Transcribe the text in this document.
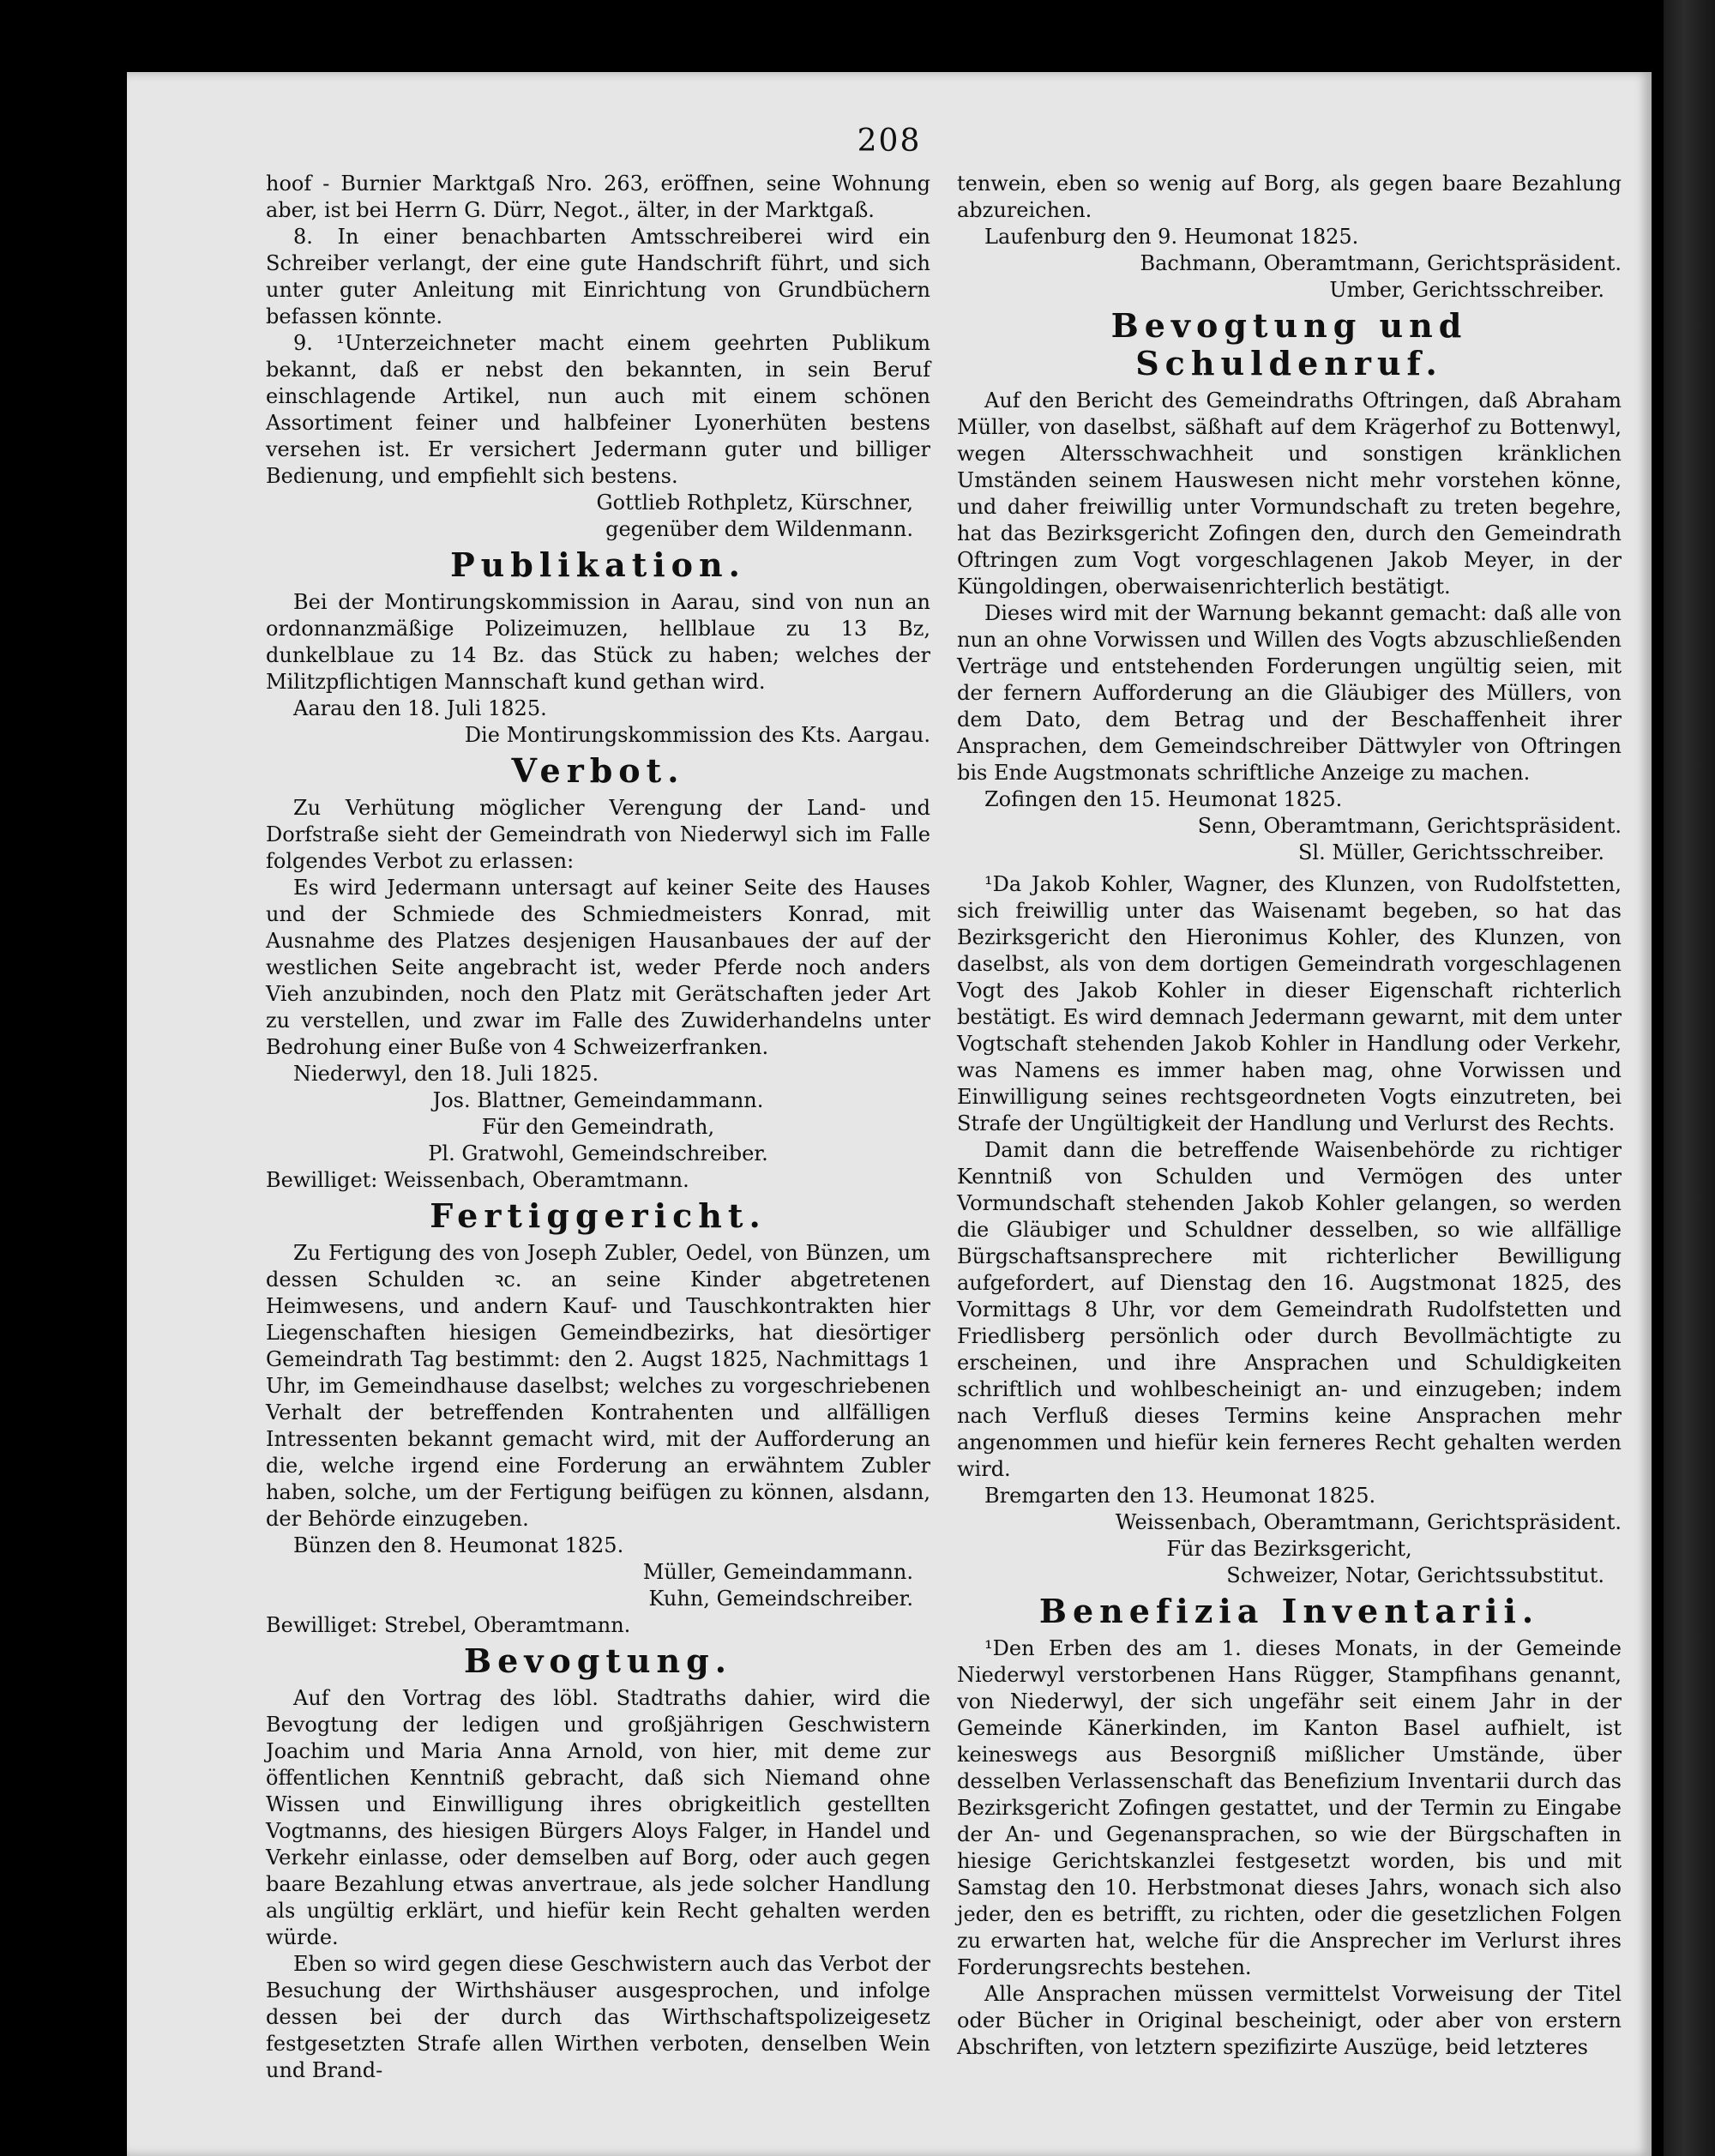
208

hoof - Burnier Marktgaß Nro. 263, eröffnen, seine Wohnung aber, ist bei Herrn G. Dürr, Negot., älter, in der Marktgaß.

8. In einer benachbarten Amtsschreiberei wird ein Schreiber verlangt, der eine gute Handschrift führt, und sich unter guter Anleitung mit Einrichtung von Grundbüchern befassen könnte.

9. ¹Unterzeichneter macht einem geehrten Publikum bekannt, daß er nebst den bekannten, in sein Beruf einschlagende Artikel, nun auch mit einem schönen Assortiment feiner und halbfeiner Lyonerhüten bestens versehen ist. Er versichert Jedermann guter und billiger Bedienung, und empfiehlt sich bestens.

Gottlieb Rothpletz, Kürschner,

gegenüber dem Wildenmann.

Publikation.

Bei der Montirungskommission in Aarau, sind von nun an ordonnanzmäßige Polizeimuzen, hellblaue zu 13 Bz, dunkelblaue zu 14 Bz. das Stück zu haben; welches der Militzpflichtigen Mannschaft kund gethan wird.

Aarau den 18. Juli 1825.

Die Montirungskommission des Kts. Aargau.

Verbot.

Zu Verhütung möglicher Verengung der Land- und Dorfstraße sieht der Gemeindrath von Niederwyl sich im Falle folgendes Verbot zu erlassen:

Es wird Jedermann untersagt auf keiner Seite des Hauses und der Schmiede des Schmiedmeisters Konrad, mit Ausnahme des Platzes desjenigen Hausanbaues der auf der westlichen Seite angebracht ist, weder Pferde noch anders Vieh anzubinden, noch den Platz mit Gerätschaften jeder Art zu verstellen, und zwar im Falle des Zuwiderhandelns unter Bedrohung einer Buße von 4 Schweizerfranken.

Niederwyl, den 18. Juli 1825.

Jos. Blattner, Gemeindammann.

Für den Gemeindrath,

Pl. Gratwohl, Gemeindschreiber.

Bewilliget: Weissenbach, Oberamtmann.

Fertiggericht.

Zu Fertigung des von Joseph Zubler, Oedel, von Bünzen, um dessen Schulden ꝛc. an seine Kinder abgetretenen Heimwesens, und andern Kauf- und Tauschkontrakten hier Liegenschaften hiesigen Gemeindbezirks, hat diesörtiger Gemeindrath Tag bestimmt: den 2. Augst 1825, Nachmittags 1 Uhr, im Gemeindhause daselbst; welches zu vorgeschriebenen Verhalt der betreffenden Kontrahenten und allfälligen Intressenten bekannt gemacht wird, mit der Aufforderung an die, welche irgend eine Forderung an erwähntem Zubler haben, solche, um der Fertigung beifügen zu können, alsdann, der Behörde einzugeben.

Bünzen den 8. Heumonat 1825.

Müller, Gemeindammann.

Kuhn, Gemeindschreiber.

Bewilliget: Strebel, Oberamtmann.

Bevogtung.

Auf den Vortrag des löbl. Stadtraths dahier, wird die Bevogtung der ledigen und großjährigen Geschwistern Joachim und Maria Anna Arnold, von hier, mit deme zur öffentlichen Kenntniß gebracht, daß sich Niemand ohne Wissen und Einwilligung ihres obrigkeitlich gestellten Vogtmanns, des hiesigen Bürgers Aloys Falger, in Handel und Verkehr einlasse, oder demselben auf Borg, oder auch gegen baare Bezahlung etwas anvertraue, als jede solcher Handlung als ungültig erklärt, und hiefür kein Recht gehalten werden würde.

Eben so wird gegen diese Geschwistern auch das Verbot der Besuchung der Wirthshäuser ausgesprochen, und infolge dessen bei der durch das Wirthschaftspolizeigesetz festgesetzten Strafe allen Wirthen verboten, denselben Wein und Brand-

tenwein, eben so wenig auf Borg, als gegen baare Bezahlung abzureichen.

Laufenburg den 9. Heumonat 1825.

Bachmann, Oberamtmann, Gerichtspräsident.

Umber, Gerichtsschreiber.

Bevogtung und Schuldenruf.

Auf den Bericht des Gemeindraths Oftringen, daß Abraham Müller, von daselbst, säßhaft auf dem Krägerhof zu Bottenwyl, wegen Altersschwachheit und sonstigen kränklichen Umständen seinem Hauswesen nicht mehr vorstehen könne, und daher freiwillig unter Vormundschaft zu treten begehre, hat das Bezirksgericht Zofingen den, durch den Gemeindrath Oftringen zum Vogt vorgeschlagenen Jakob Meyer, in der Küngoldingen, oberwaisenrichterlich bestätigt.

Dieses wird mit der Warnung bekannt gemacht: daß alle von nun an ohne Vorwissen und Willen des Vogts abzuschließenden Verträge und entstehenden Forderungen ungültig seien, mit der fernern Aufforderung an die Gläubiger des Müllers, von dem Dato, dem Betrag und der Beschaffenheit ihrer Ansprachen, dem Gemeindschreiber Dättwyler von Oftringen bis Ende Augstmonats schriftliche Anzeige zu machen.

Zofingen den 15. Heumonat 1825.

Senn, Oberamtmann, Gerichtspräsident.

Sl. Müller, Gerichtsschreiber.

¹Da Jakob Kohler, Wagner, des Klunzen, von Rudolfstetten, sich freiwillig unter das Waisenamt begeben, so hat das Bezirksgericht den Hieronimus Kohler, des Klunzen, von daselbst, als von dem dortigen Gemeindrath vorgeschlagenen Vogt des Jakob Kohler in dieser Eigenschaft richterlich bestätigt. Es wird demnach Jedermann gewarnt, mit dem unter Vogtschaft stehenden Jakob Kohler in Handlung oder Verkehr, was Namens es immer haben mag, ohne Vorwissen und Einwilligung seines rechtsgeordneten Vogts einzutreten, bei Strafe der Ungültigkeit der Handlung und Verlurst des Rechts.

Damit dann die betreffende Waisenbehörde zu richtiger Kenntniß von Schulden und Vermögen des unter Vormundschaft stehenden Jakob Kohler gelangen, so werden die Gläubiger und Schuldner desselben, so wie allfällige Bürgschaftsansprechere mit richterlicher Bewilligung aufgefordert, auf Dienstag den 16. Augstmonat 1825, des Vormittags 8 Uhr, vor dem Gemeindrath Rudolfstetten und Friedlisberg persönlich oder durch Bevollmächtigte zu erscheinen, und ihre Ansprachen und Schuldigkeiten schriftlich und wohlbescheinigt an- und einzugeben; indem nach Verfluß dieses Termins keine Ansprachen mehr angenommen und hiefür kein ferneres Recht gehalten werden wird.

Bremgarten den 13. Heumonat 1825.

Weissenbach, Oberamtmann, Gerichtspräsident.

Für das Bezirksgericht,

Schweizer, Notar, Gerichtssubstitut.

Benefizia Inventarii.

¹Den Erben des am 1. dieses Monats, in der Gemeinde Niederwyl verstorbenen Hans Rügger, Stampfihans genannt, von Niederwyl, der sich ungefähr seit einem Jahr in der Gemeinde Känerkinden, im Kanton Basel aufhielt, ist keineswegs aus Besorgniß mißlicher Umstände, über desselben Verlassenschaft das Benefizium Inventarii durch das Bezirksgericht Zofingen gestattet, und der Termin zu Eingabe der An- und Gegenansprachen, so wie der Bürgschaften in hiesige Gerichtskanzlei festgesetzt worden, bis und mit Samstag den 10. Herbstmonat dieses Jahrs, wonach sich also jeder, den es betrifft, zu richten, oder die gesetzlichen Folgen zu erwarten hat, welche für die Ansprecher im Verlurst ihres Forderungsrechts bestehen.

Alle Ansprachen müssen vermittelst Vorweisung der Titel oder Bücher in Original bescheinigt, oder aber von erstern Abschriften, von letztern spezifizirte Auszüge, beid letzteres
